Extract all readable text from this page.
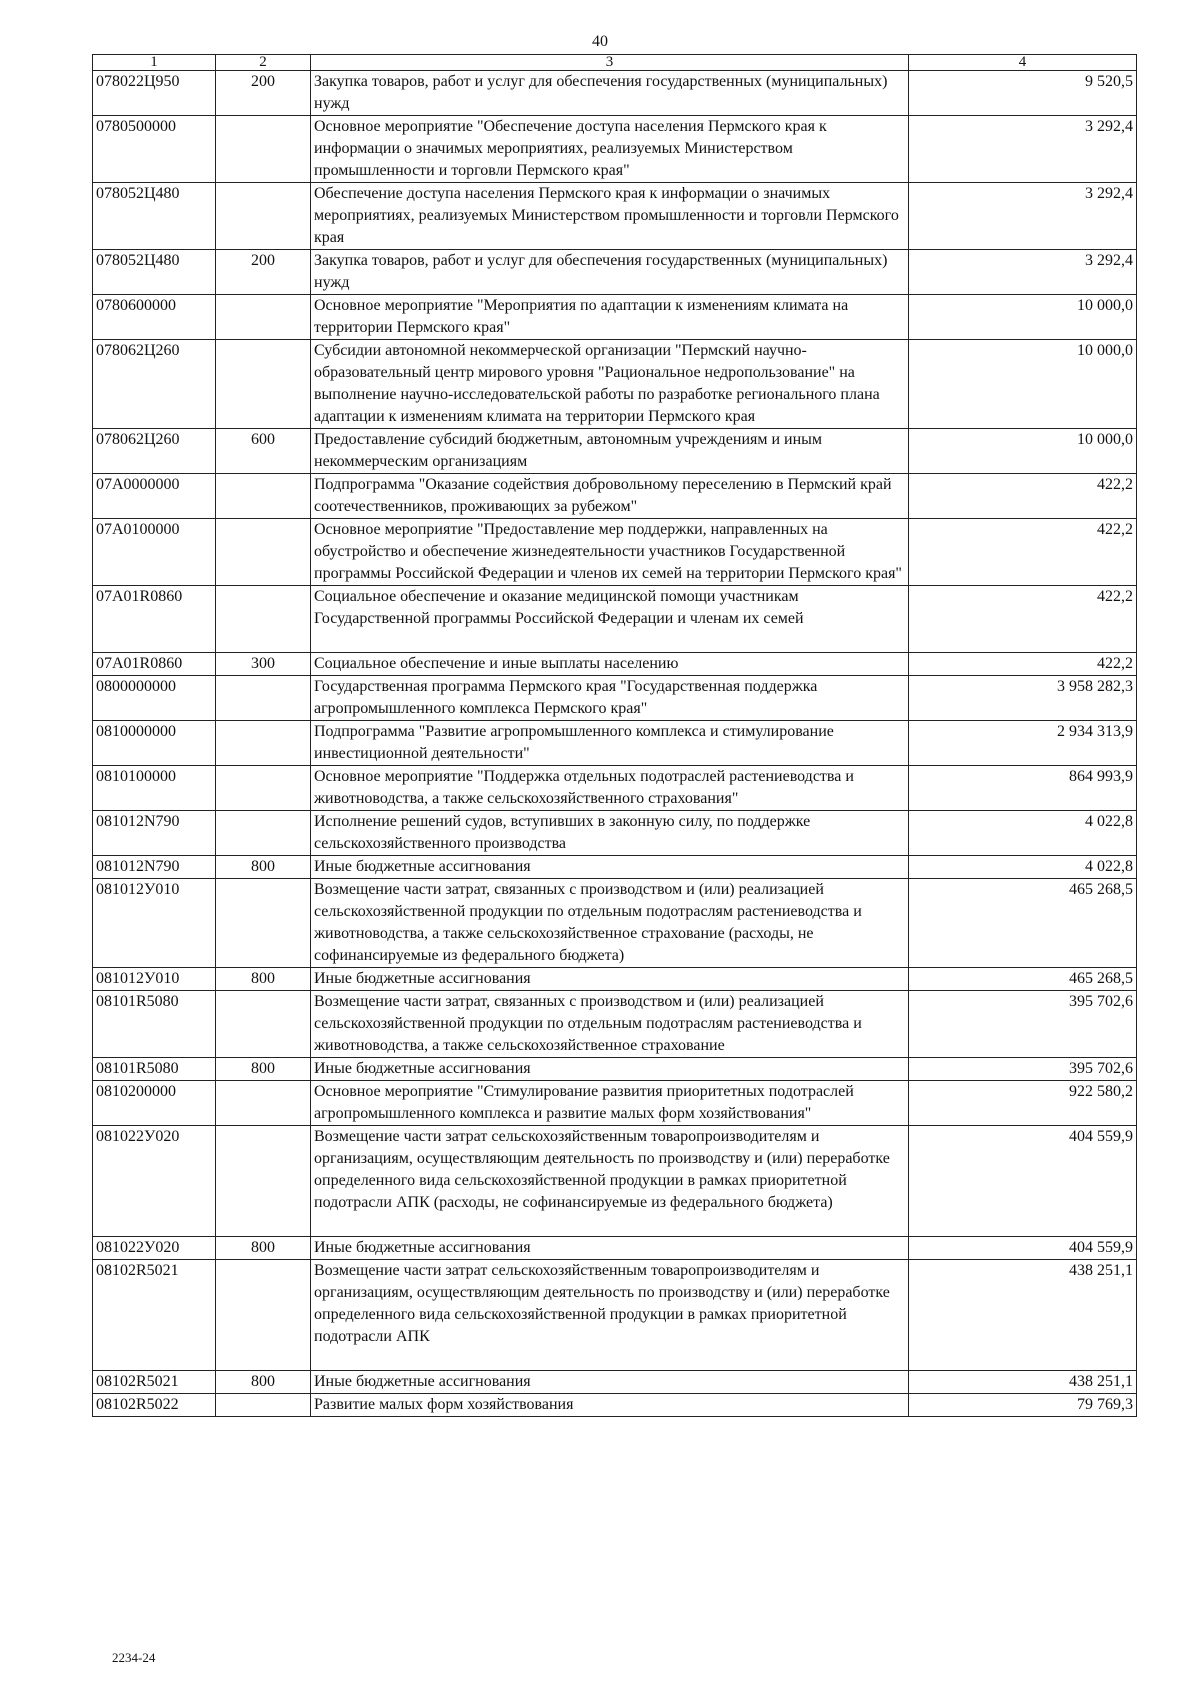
40
1	2	3	4
078022Ц950	200	Закупка товаров, работ и услуг для обеспечения государственных (муниципальных) нужд	9 520,5
0780500000		Основное мероприятие "Обеспечение доступа населения Пермского края к информации о значимых мероприятиях, реализуемых Министерством промышленности и торговли Пермского края"	3 292,4
078052Ц480		Обеспечение доступа населения Пермского края к информации о значимых мероприятиях, реализуемых Министерством промышленности и торговли Пермского края	3 292,4
078052Ц480	200	Закупка товаров, работ и услуг для обеспечения государственных (муниципальных) нужд	3 292,4
0780600000		Основное мероприятие "Мероприятия по адаптации к изменениям климата на территории Пермского края"	10 000,0
078062Ц260		Субсидии автономной некоммерческой организации "Пермский научно-образовательный центр мирового уровня "Рациональное недропользование" на выполнение научно-исследовательской работы по разработке регионального плана адаптации к изменениям климата на территории Пермского края	10 000,0
078062Ц260	600	Предоставление субсидий бюджетным, автономным учреждениям и иным некоммерческим организациям	10 000,0
07А0000000		Подпрограмма "Оказание содействия добровольному переселению в Пермский край соотечественников, проживающих за рубежом"	422,2
07А0100000		Основное мероприятие "Предоставление мер поддержки, направленных на обустройство и обеспечение жизнедеятельности участников Государственной программы Российской Федерации и членов их семей на территории Пермского края"	422,2
07А01R0860		Социальное обеспечение и оказание медицинской помощи участникам Государственной программы Российской Федерации и членам их семей	422,2
07А01R0860	300	Социальное обеспечение и иные выплаты населению	422,2
0800000000		Государственная программа Пермского края "Государственная поддержка агропромышленного комплекса Пермского края"	3 958 282,3
0810000000		Подпрограмма "Развитие агропромышленного комплекса и стимулирование инвестиционной деятельности"	2 934 313,9
0810100000		Основное мероприятие "Поддержка отдельных подотраслей растениеводства и животноводства, а также сельскохозяйственного страхования"	864 993,9
081012N790		Исполнение решений судов, вступивших в законную силу, по поддержке сельскохозяйственного производства	4 022,8
081012N790	800	Иные бюджетные ассигнования	4 022,8
081012У010		Возмещение части затрат, связанных с производством и (или) реализацией сельскохозяйственной продукции по отдельным подотраслям растениеводства и животноводства, а также сельскохозяйственное страхование (расходы, не софинансируемые из федерального бюджета)	465 268,5
081012У010	800	Иные бюджетные ассигнования	465 268,5
08101R5080		Возмещение части затрат, связанных с производством и (или) реализацией сельскохозяйственной продукции по отдельным подотраслям растениеводства и животноводства, а также сельскохозяйственное страхование	395 702,6
08101R5080	800	Иные бюджетные ассигнования	395 702,6
0810200000		Основное мероприятие "Стимулирование развития приоритетных подотраслей агропромышленного комплекса и развитие малых форм хозяйствования"	922 580,2
081022У020		Возмещение части затрат сельскохозяйственным товаропроизводителям и организациям, осуществляющим деятельность по производству и (или) переработке определенного вида сельскохозяйственной продукции в рамках приоритетной подотрасли АПК (расходы, не софинансируемые из федерального бюджета)	404 559,9
081022У020	800	Иные бюджетные ассигнования	404 559,9
08102R5021		Возмещение части затрат сельскохозяйственным товаропроизводителям и организациям, осуществляющим деятельность по производству и (или) переработке определенного вида сельскохозяйственной продукции в рамках приоритетной подотрасли АПК	438 251,1
08102R5021	800	Иные бюджетные ассигнования	438 251,1
08102R5022		Развитие малых форм хозяйствования	79 769,3
2234-24
